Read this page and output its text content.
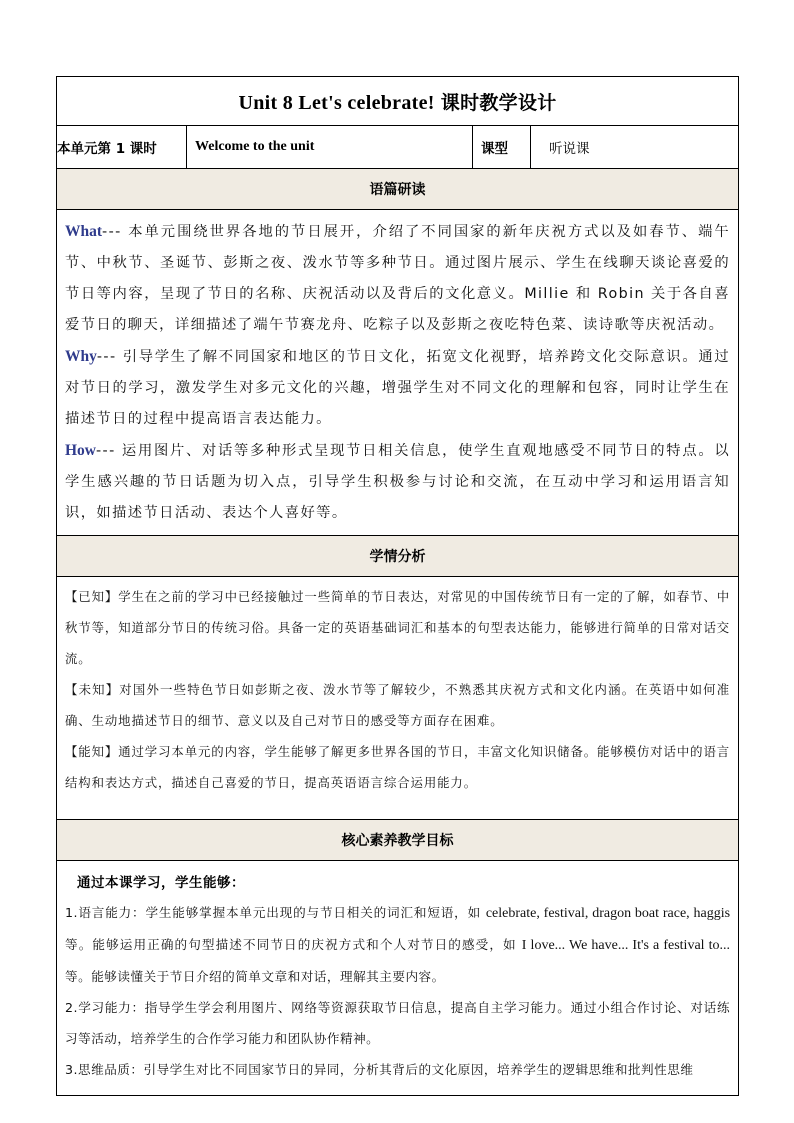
Unit 8 Let's celebrate! 课时教学设计
本单元第 1 课时	Welcome to the unit	课型	听说课
语篇研读

What--- 本单元围绕世界各地的节日展开，介绍了不同国家的新年庆祝方式以及如春节、端午节、中秋节、圣诞节、彭斯之夜、泼水节等多种节日。通过图片展示、学生在线聊天谈论喜爱的节日等内容，呈现了节日的名称、庆祝活动以及背后的文化意义。Millie 和 Robin 关于各自喜爱节日的聊天，详细描述了端午节赛龙舟、吃粽子以及彭斯之夜吃特色菜、读诗歌等庆祝活动。

Why--- 引导学生了解不同国家和地区的节日文化，拓宽文化视野，培养跨文化交际意识。通过对节日的学习，激发学生对多元文化的兴趣，增强学生对不同文化的理解和包容，同时让学生在描述节日的过程中提高语言表达能力。

How--- 运用图片、对话等多种形式呈现节日相关信息，使学生直观地感受不同节日的特点。以学生感兴趣的节日话题为切入点，引导学生积极参与讨论和交流，在互动中学习和运用语言知识，如描述节日活动、表达个人喜好等。

学情分析

【已知】学生在之前的学习中已经接触过一些简单的节日表达，对常见的中国传统节日有一定的了解，如春节、中秋节等，知道部分节日的传统习俗。具备一定的英语基础词汇和基本的句型表达能力，能够进行简单的日常对话交流。

【未知】对国外一些特色节日如彭斯之夜、泼水节等了解较少，不熟悉其庆祝方式和文化内涵。在英语中如何准确、生动地描述节日的细节、意义以及自己对节日的感受等方面存在困难。

【能知】通过学习本单元的内容，学生能够了解更多世界各国的节日，丰富文化知识储备。能够模仿对话中的语言结构和表达方式，描述自己喜爱的节日，提高英语语言综合运用能力。

核心素养教学目标

通过本课学习，学生能够：

1.语言能力：学生能够掌握本单元出现的与节日相关的词汇和短语，如 celebrate, festival, dragon boat race, haggis 等。能够运用正确的句型描述不同节日的庆祝方式和个人对节日的感受，如 I love... We have... It's a festival to... 等。能够读懂关于节日介绍的简单文章和对话，理解其主要内容。

2.学习能力：指导学生学会利用图片、网络等资源获取节日信息，提高自主学习能力。通过小组合作讨论、对话练习等活动，培养学生的合作学习能力和团队协作精神。

3.思维品质：引导学生对比不同国家节日的异同，分析其背后的文化原因，培养学生的逻辑思维和批判性思维
